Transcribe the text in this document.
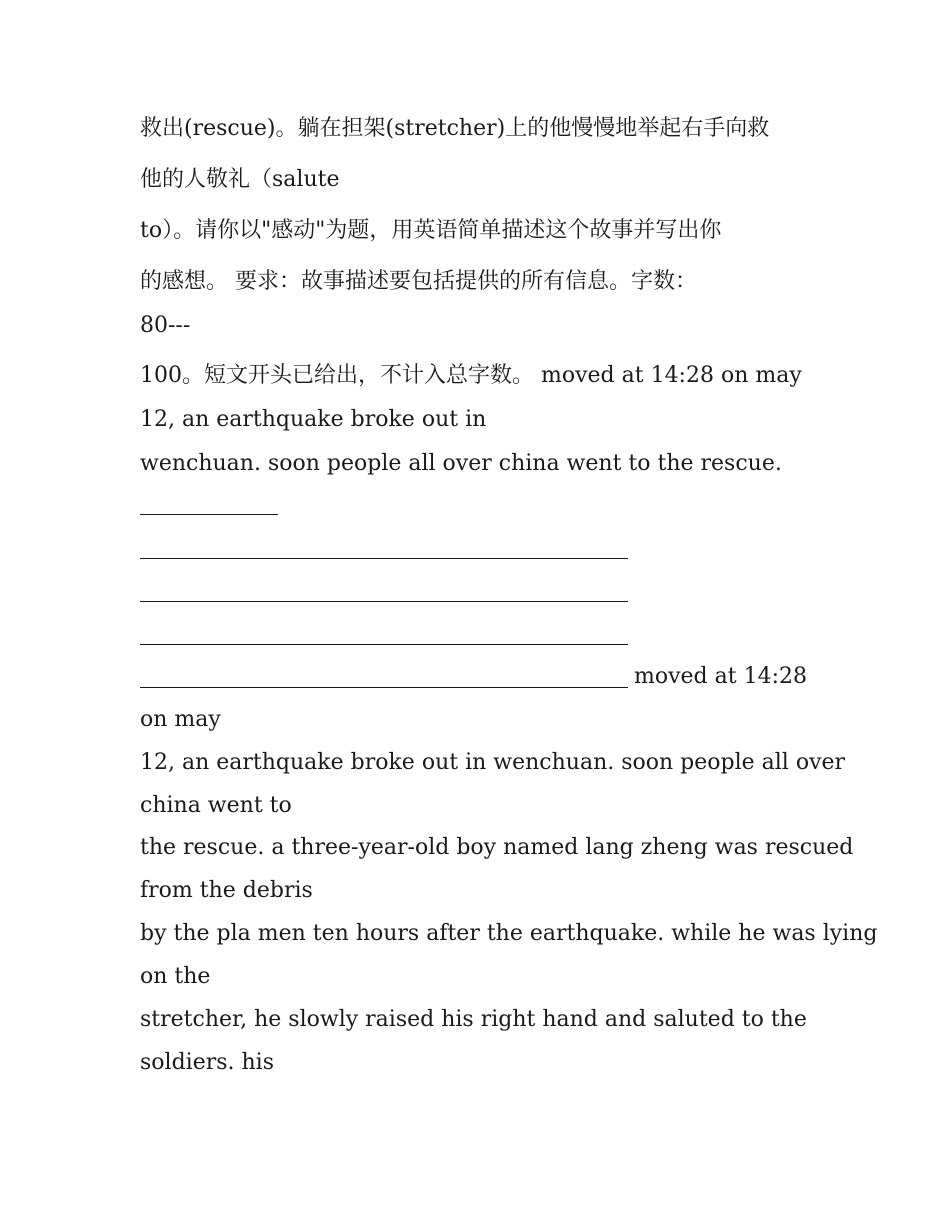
救出(rescue)。躺在担架(stretcher)上的他慢慢地举起右手向救
他的人敬礼（salute
to）。请你以"感动"为题，用英语简单描述这个故事并写出你
的感想。 要求：故事描述要包括提供的所有信息。字数：
80---
100。短文开头已给出，不计入总字数。 moved at 14:28 on may
12, an earthquake broke out in
wenchuan. soon people all over china went to the rescue.
moved at 14:28
on may
12, an earthquake broke out in wenchuan. soon people all over
china went to
the rescue. a three-year-old boy named lang zheng was rescued
from the debris
by the pla men ten hours after the earthquake. while he was lying
on the
stretcher, he slowly raised his right hand and saluted to the
soldiers. his
